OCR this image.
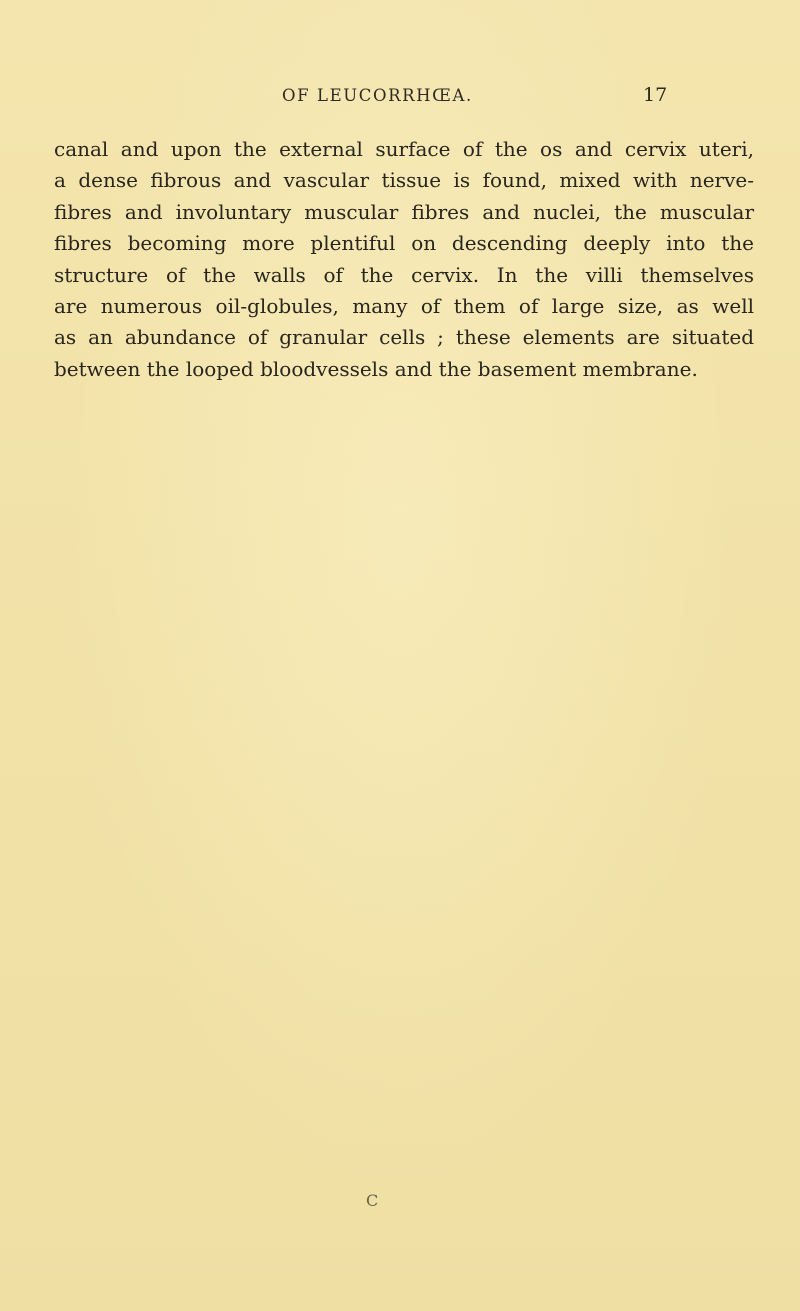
OF LEUCORRHŒA.	17

canal and upon the external surface of the os and cervix uteri,
a dense fibrous and vascular tissue is found, mixed with nerve-
fibres and involuntary muscular fibres and nuclei, the muscular
fibres becoming more plentiful on descending deeply into the
structure of the walls of the cervix. In the villi themselves
are numerous oil-globules, many of them of large size, as well
as an abundance of granular cells ; these elements are situated
between the looped bloodvessels and the basement membrane.

C
